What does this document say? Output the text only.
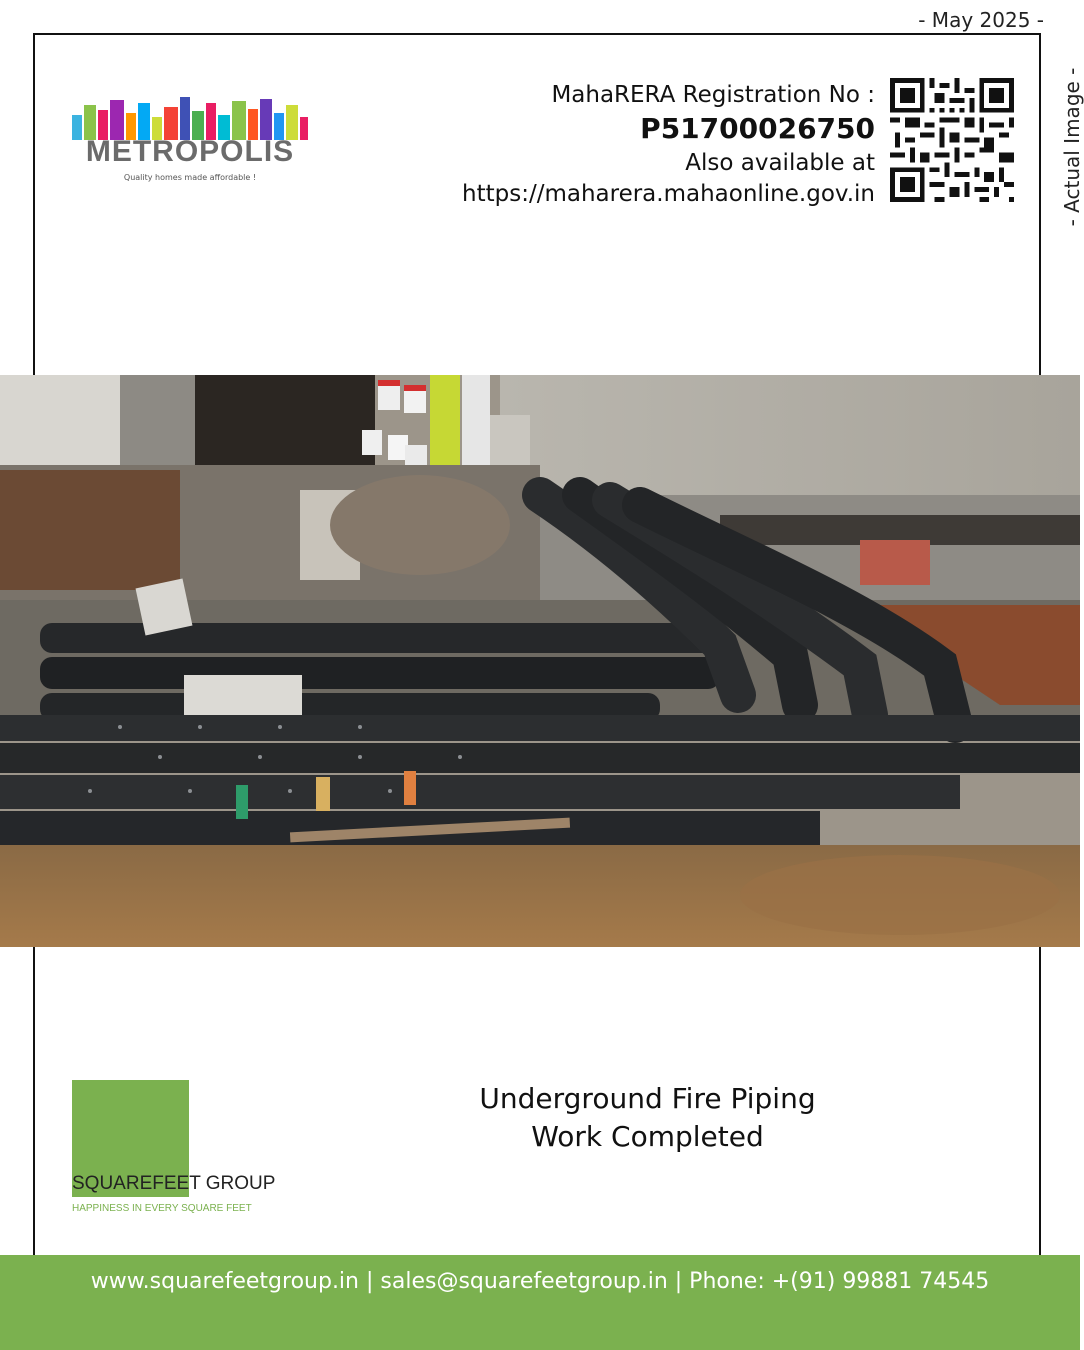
- May 2025 -
- Actual Image -
METROPOLIS
Quality homes made affordable !
MahaRERA Registration No :
P51700026750
Also available at
https://maharera.mahaonline.gov.in
Underground Fire Piping
Work Completed
SQUAREFEET GROUP
HAPPINESS IN EVERY SQUARE FEET
www.squarefeetgroup.in | sales@squarefeetgroup.in | Phone: +(91) 99881 74545
